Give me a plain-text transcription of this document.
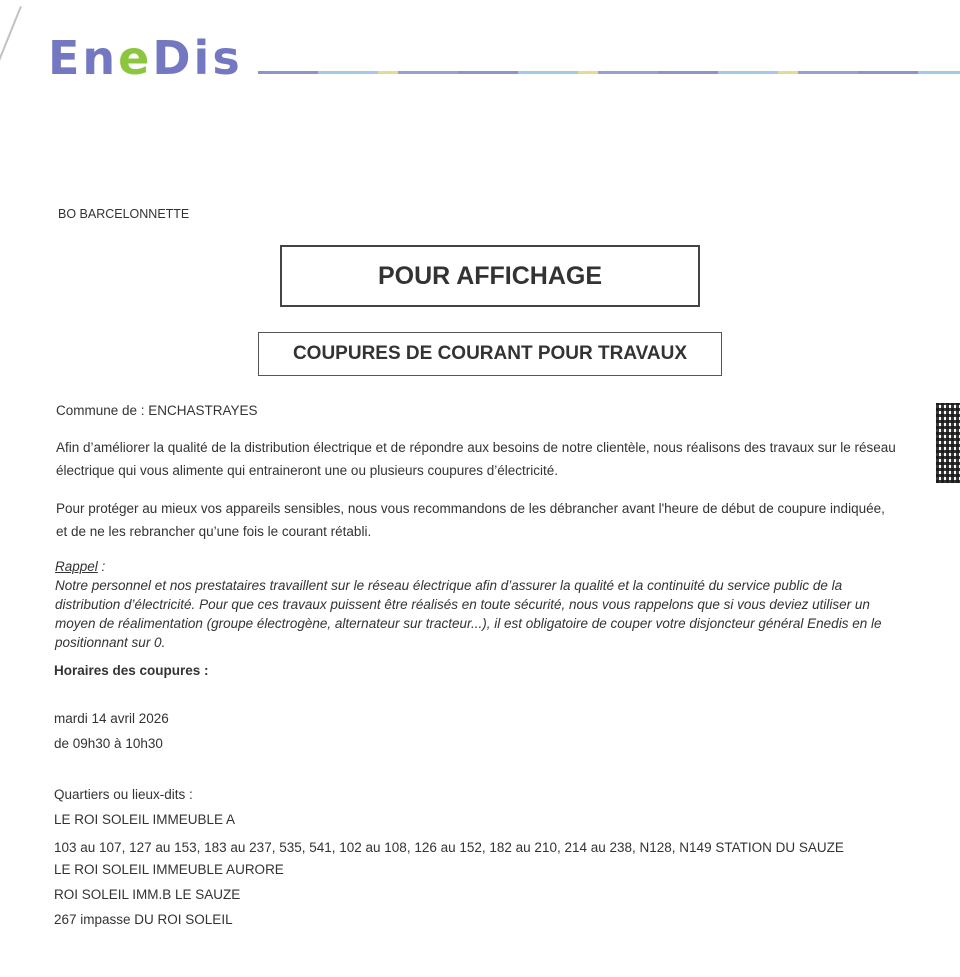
EneDis
BO BARCELONNETTE
POUR AFFICHAGE
COUPURES DE COURANT POUR TRAVAUX
Commune de : ENCHASTRAYES
Afin d’améliorer la qualité de la distribution électrique et de répondre aux besoins de notre clientèle, nous réalisons des travaux sur le réseau électrique qui vous alimente qui entraineront une ou plusieurs coupures d’électricité.
Pour protéger au mieux vos appareils sensibles, nous vous recommandons de les débrancher avant l'heure de début de coupure indiquée, et de ne les rebrancher qu’une fois le courant rétabli.
Rappel :
Notre personnel et nos prestataires travaillent sur le réseau électrique afin d’assurer la qualité et la continuité du service public de la distribution d’électricité. Pour que ces travaux puissent être réalisés en toute sécurité, nous vous rappelons que si vous deviez utiliser un moyen de réalimentation (groupe électrogène, alternateur sur tracteur...), il est obligatoire de couper votre disjoncteur général Enedis en le positionnant sur 0.
Horaires des coupures :
mardi 14 avril 2026
de 09h30 à 10h30
Quartiers ou lieux-dits :
LE ROI SOLEIL IMMEUBLE A
103 au 107, 127 au 153, 183 au 237, 535, 541, 102 au 108, 126 au 152, 182 au 210, 214 au 238, N128, N149 STATION DU SAUZE
LE ROI SOLEIL IMMEUBLE AURORE
ROI SOLEIL IMM.B LE SAUZE
267 impasse DU ROI SOLEIL
